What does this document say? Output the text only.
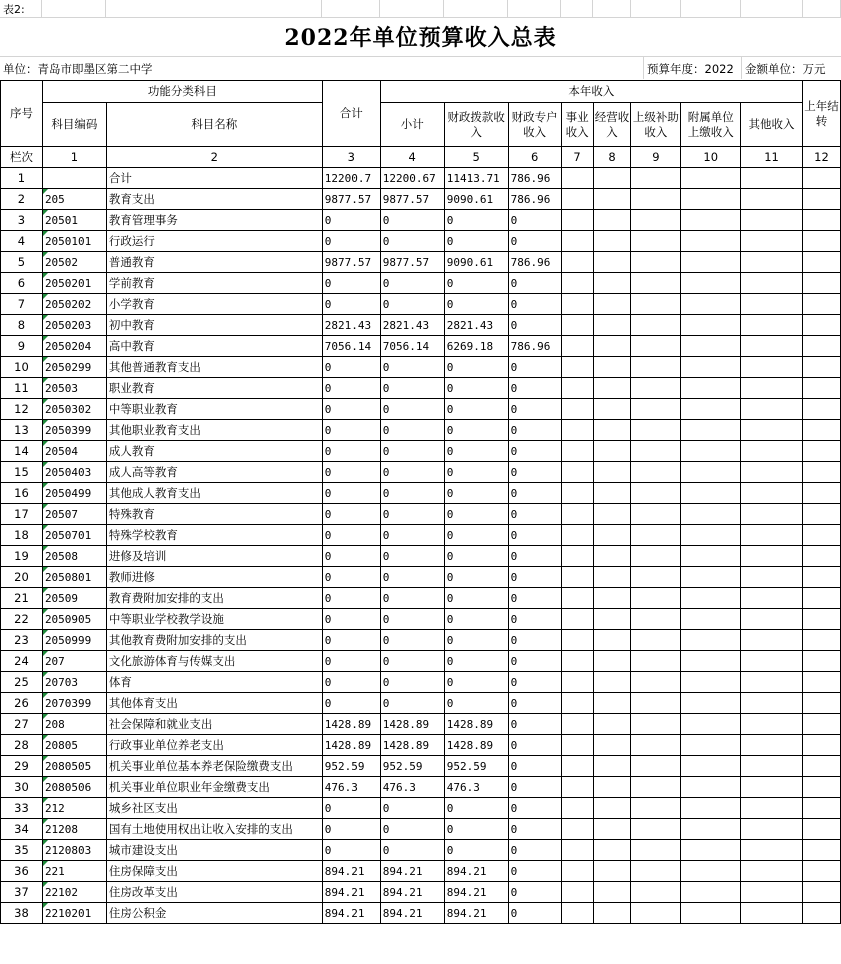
表2:
2022年单位预算收入总表
单位：青岛市即墨区第二中学	预算年度：2022 金额单位：万元
序号	功能分类科目		合计	本年收入								上年结转
	科目编码	科目名称		小计	财政拨款收入	财政专户收入	事业收入	经营收入	上级补助收入	附属单位上缴收入	其他收入	

栏次	1	2	3	4	5	6	7	8	9	10	11	12
1		合计	12200.7	12200.67	11413.71	786.96						
2	205	教育支出	9877.57	9877.57	9090.61	786.96						
3	20501	教育管理事务	0	0	0	0						
4	2050101	行政运行	0	0	0	0						
5	20502	普通教育	9877.57	9877.57	9090.61	786.96						
6	2050201	学前教育	0	0	0	0						
7	2050202	小学教育	0	0	0	0						
8	2050203	初中教育	2821.43	2821.43	2821.43	0						
9	2050204	高中教育	7056.14	7056.14	6269.18	786.96						
10	2050299	其他普通教育支出	0	0	0	0						
11	20503	职业教育	0	0	0	0						
12	2050302	中等职业教育	0	0	0	0						
13	2050399	其他职业教育支出	0	0	0	0						
14	20504	成人教育	0	0	0	0						
15	2050403	成人高等教育	0	0	0	0						
16	2050499	其他成人教育支出	0	0	0	0						
17	20507	特殊教育	0	0	0	0						
18	2050701	特殊学校教育	0	0	0	0						
19	20508	进修及培训	0	0	0	0						
20	2050801	教师进修	0	0	0	0						
21	20509	教育费附加安排的支出	0	0	0	0						
22	2050905	中等职业学校教学设施	0	0	0	0						
23	2050999	其他教育费附加安排的支出	0	0	0	0						
24	207	文化旅游体育与传媒支出	0	0	0	0						
25	20703	体育	0	0	0	0						
26	2070399	其他体育支出	0	0	0	0						
27	208	社会保障和就业支出	1428.89	1428.89	1428.89	0						
28	20805	行政事业单位养老支出	1428.89	1428.89	1428.89	0						
29	2080505	机关事业单位基本养老保险缴费支出	952.59	952.59	952.59	0						
30	2080506	机关事业单位职业年金缴费支出	476.3	476.3	476.3	0						
33	212	城乡社区支出	0	0	0	0						
34	21208	国有土地使用权出让收入安排的支出	0	0	0	0						
35	2120803	城市建设支出	0	0	0	0						
36	221	住房保障支出	894.21	894.21	894.21	0						
37	22102	住房改革支出	894.21	894.21	894.21	0						
38	2210201	住房公积金	894.21	894.21	894.21	0						
